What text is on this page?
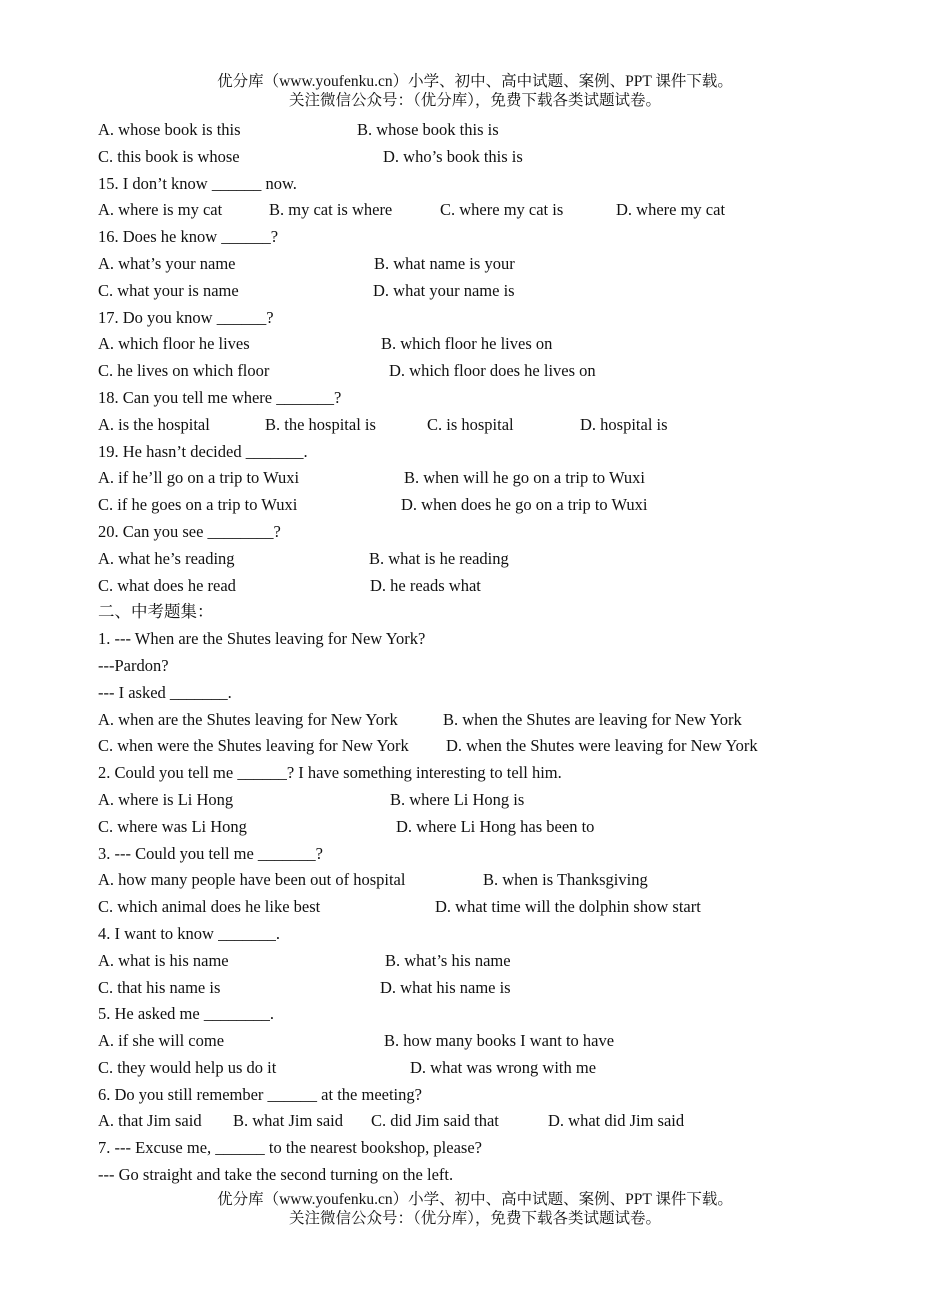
优分库（www.youfenku.cn）小学、初中、高中试题、案例、PPT 课件下载。
关注微信公众号：（优分库），免费下载各类试题试卷。
A. whose book is this	B. whose book this is
C. this book is whose	D. who’s book this is
15. I don’t know ______ now.
A. where is my cat	B. my cat is where	C. where my cat is	D. where my cat
16. Does he know ______?
A. what’s your name	B. what name is your
C. what your is name	D. what your name is
17. Do you know ______?
A. which floor he lives	B. which floor he lives on
C. he lives on which floor	D. which floor does he lives on
18. Can you tell me where _______?
A. is the hospital	B. the hospital is	C. is hospital	D. hospital is
19. He hasn’t decided _______.
A. if he’ll go on a trip to Wuxi	B. when will he go on a trip to Wuxi
C. if he goes on a trip to Wuxi	D. when does he go on a trip to Wuxi
20. Can you see ________?
A. what he’s reading	B. what is he reading
C. what does he read	D. he reads what
二、中考题集：
1. --- When are the Shutes leaving for New York?
---Pardon?
--- I asked _______.
A. when are the Shutes leaving for New York	B. when the Shutes are leaving for New York
C. when were the Shutes leaving for New York D. when the Shutes were leaving for New York
2. Could you tell me ______? I have something interesting to tell him.
A. where is Li Hong	B. where Li Hong is
C. where was Li Hong	D. where Li Hong has been to
3. --- Could you tell me _______?
A. how many people have been out of hospital	B. when is Thanksgiving
C. which animal does he like best	D. what time will the dolphin show start
4. I want to know _______.
A. what is his name	B. what’s his name
C. that his name is	D. what his name is
5. He asked me ________.
A. if she will come	B. how many books I want to have
C. they would help us do it	D. what was wrong with me
6. Do you still remember ______ at the meeting?
A. that Jim said B. what Jim said C. did Jim said that	D. what did Jim said
7. --- Excuse me, ______ to the nearest bookshop, please?
--- Go straight and take the second turning on the left.
优分库（www.youfenku.cn）小学、初中、高中试题、案例、PPT 课件下载。
关注微信公众号：（优分库），免费下载各类试题试卷。
